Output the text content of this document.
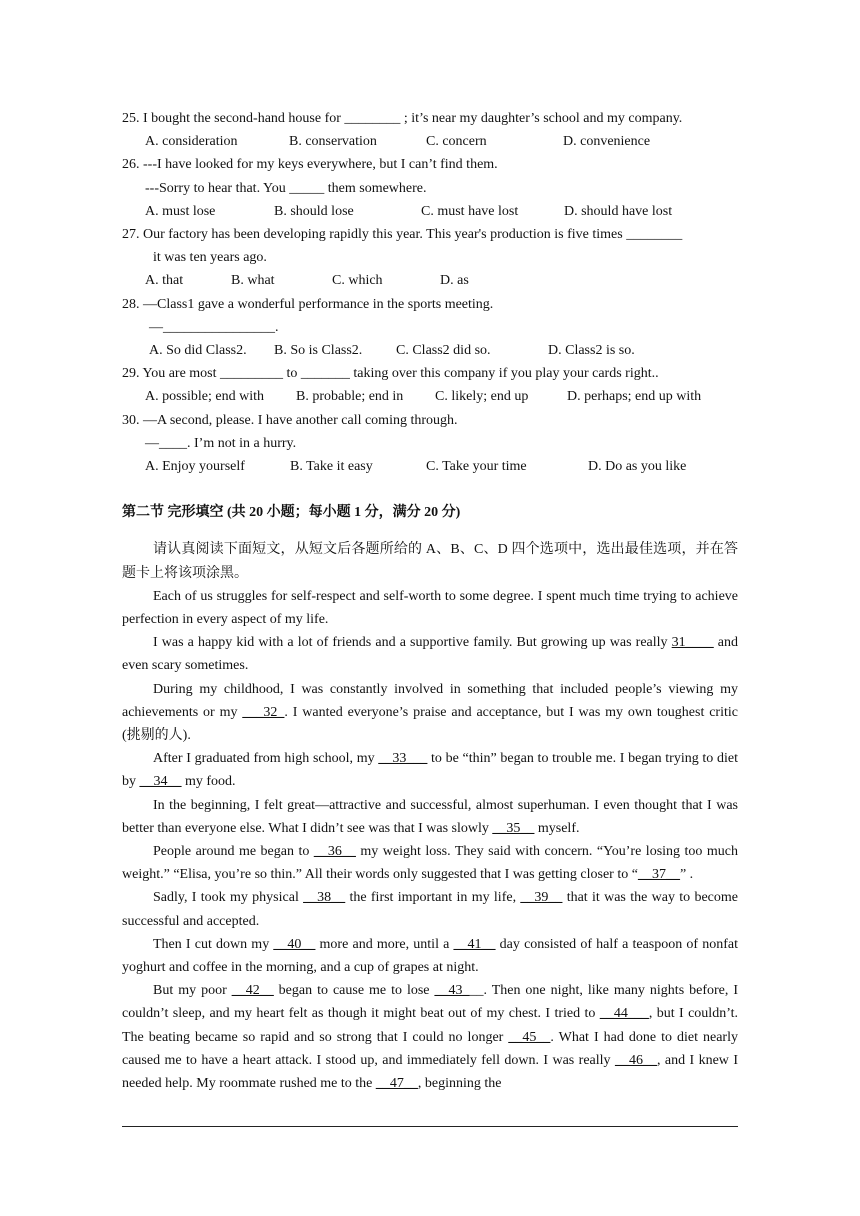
25. I bought the second-hand house for ________ ; it’s near my daughter’s school and my company.

A. consideration	B. conservation	C. concern	D. convenience

26. ---I have looked for my keys everywhere, but I can’t find them.

---Sorry to hear that. You _____ them somewhere.

A. must lose	B. should lose	C. must have lost	D. should have lost

27. Our factory has been developing rapidly this year. This year's production is five times ________

it was ten years ago.

A. that	B. what	C. which	D. as

28. —Class1 gave a wonderful performance in the sports meeting.

—________________.

A. So did Class2. B. So is Class2. C. Class2 did so.	D. Class2 is so.

29. You are most _________ to _______ taking over this company if you play your cards right..

A. possible; end with B. probable; end in C. likely; end up	D. perhaps; end up with

30. —A second, please. I have another call coming through.

—____. I’m not in a hurry.

A. Enjoy yourself	B. Take it easy	C. Take your time	D. Do as you like

第二节 完形填空 (共 20 小题；每小题 1 分，满分 20 分)

请认真阅读下面短文，从短文后各题所给的 A、B、C、D 四个选项中，选出最佳选项，并在答题卡上将该项涂黑。

Each of us struggles for self-respect and self-worth to some degree. I spent much time trying to achieve perfection in every aspect of my life.

I was a happy kid with a lot of friends and a supportive family. But growing up was really 31____ and even scary sometimes.

During my childhood, I was constantly involved in something that included people’s viewing my achievements or my ___32_. I wanted everyone’s praise and acceptance, but I was my own toughest critic (挑剔的人).

After I graduated from high school, my __33___ to be “thin” began to trouble me. I began trying to diet by __34__ my food.

In the beginning, I felt great—attractive and successful, almost superhuman. I even thought that I was better than everyone else. What I didn’t see was that I was slowly __35__ myself.

People around me began to __36__ my weight loss. They said with concern. “You’re losing too much weight.” “Elisa, you’re so thin.” All their words only suggested that I was getting closer to “__37__” .

Sadly, I took my physical __38__ the first important in my life, __39__ that it was the way to become successful and accepted.

Then I cut down my __40__ more and more, until a __41__ day consisted of half a teaspoon of nonfat yoghurt and coffee in the morning, and a cup of grapes at night.

But my poor __42__ began to cause me to lose __43___. Then one night, like many nights before, I couldn’t sleep, and my heart felt as though it might beat out of my chest. I tried to __44___, but I couldn’t. The beating became so rapid and so strong that I could no longer __45__. What I had done to diet nearly caused me to have a heart attack. I stood up, and immediately fell down. I was really __46__, and I knew I needed help. My roommate rushed me to the __47__, beginning the
